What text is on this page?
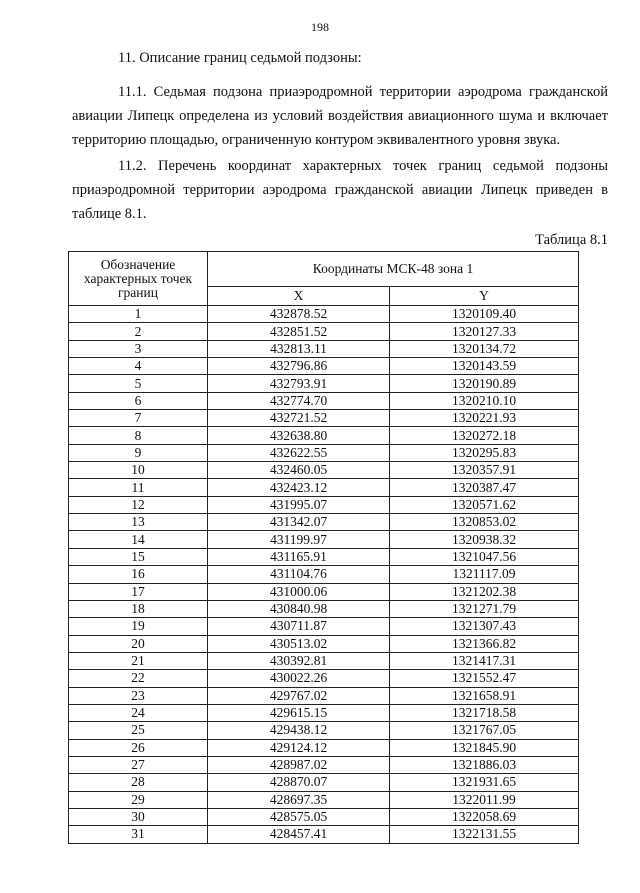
198
11. Описание границ седьмой подзоны:
11.1. Седьмая подзона приаэродромной территории аэродрома гражданской
авиации Липецк определена из условий воздействия авиационного шума и включает
территорию площадью, ограниченную контуром эквивалентного уровня звука.
11.2. Перечень координат характерных точек границ седьмой подзоны
приаэродромной территории аэродрома гражданской авиации Липецк приведен в
таблице 8.1.
Таблица 8.1
Обозначение характерных точек границ	Координаты МСК-48 зона 1	
	X	Y
1	432878.52	1320109.40
2	432851.52	1320127.33
3	432813.11	1320134.72
4	432796.86	1320143.59
5	432793.91	1320190.89
6	432774.70	1320210.10
7	432721.52	1320221.93
8	432638.80	1320272.18
9	432622.55	1320295.83
10	432460.05	1320357.91
11	432423.12	1320387.47
12	431995.07	1320571.62
13	431342.07	1320853.02
14	431199.97	1320938.32
15	431165.91	1321047.56
16	431104.76	1321117.09
17	431000.06	1321202.38
18	430840.98	1321271.79
19	430711.87	1321307.43
20	430513.02	1321366.82
21	430392.81	1321417.31
22	430022.26	1321552.47
23	429767.02	1321658.91
24	429615.15	1321718.58
25	429438.12	1321767.05
26	429124.12	1321845.90
27	428987.02	1321886.03
28	428870.07	1321931.65
29	428697.35	1322011.99
30	428575.05	1322058.69
31	428457.41	1322131.55
